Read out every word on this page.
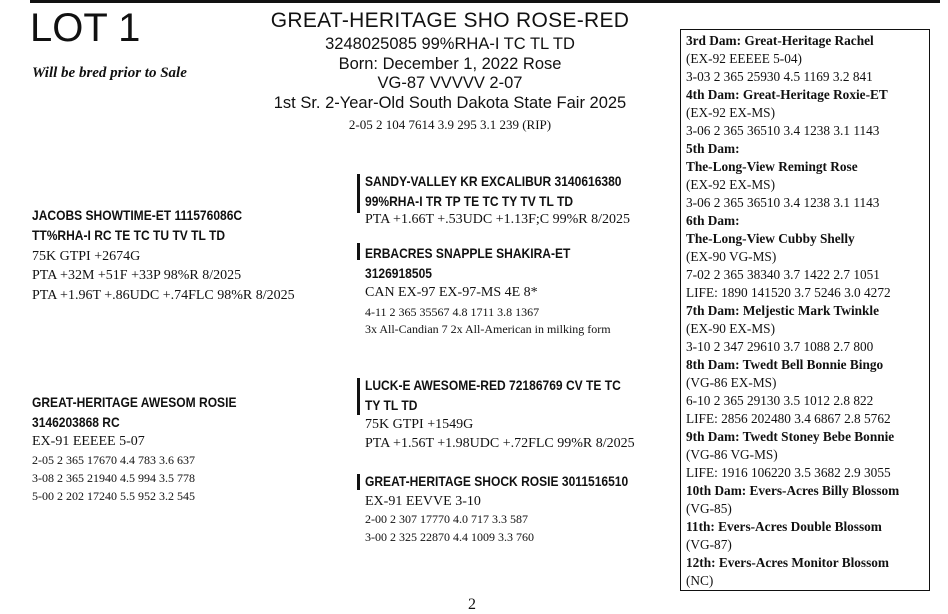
LOT 1
Will be bred prior to Sale
GREAT-HERITAGE SHO ROSE-RED
3248025085 99%RHA-I TC TL TD
Born: December 1, 2022 Rose
VG-87 VVVVV 2-07
1st Sr. 2-Year-Old South Dakota State Fair 2025
2-05 2 104 7614 3.9 295 3.1 239 (RIP)
JACOBS SHOWTIME-ET 111576086C
TT%RHA-I RC TE TC TU TV TL TD
75K GTPI +2674G
PTA +32M +51F +33P 98%R 8/2025
PTA +1.96T +.86UDC +.74FLC 98%R 8/2025
SANDY-VALLEY KR EXCALIBUR 3140616380
99%RHA-I TR TP TE TC TY TV TL TD
PTA +1.66T +.53UDC +1.13F;C 99%R 8/2025
ERBACRES SNAPPLE SHAKIRA-ET
3126918505
CAN EX-97 EX-97-MS 4E 8*
4-11 2 365 35567 4.8 1711 3.8 1367
3x All-Candian 7 2x All-American in milking form
GREAT-HERITAGE AWESOM ROSIE
3146203868 RC
EX-91 EEEEE 5-07
2-05 2 365 17670 4.4 783 3.6 637
3-08 2 365 21940 4.5 994 3.5 778
5-00 2 202 17240 5.5 952 3.2 545
LUCK-E AWESOME-RED 72186769 CV TE TC
TY TL TD
75K GTPI +1549G
PTA +1.56T +1.98UDC +.72FLC 99%R 8/2025
GREAT-HERITAGE SHOCK ROSIE 3011516510
EX-91 EEVVE 3-10
2-00 2 307 17770 4.0 717 3.3 587
3-00 2 325 22870 4.4 1009 3.3 760
3rd Dam: Great-Heritage Rachel
(EX-92 EEEEE 5-04)
3-03 2 365 25930 4.5 1169 3.2 841
4th Dam: Great-Heritage Roxie-ET
(EX-92 EX-MS)
3-06 2 365 36510 3.4 1238 3.1 1143
5th Dam:
The-Long-View Remingt Rose
(EX-92 EX-MS)
3-06 2 365 36510 3.4 1238 3.1 1143
6th Dam:
The-Long-View Cubby Shelly
(EX-90 VG-MS)
7-02 2 365 38340 3.7 1422 2.7 1051
LIFE: 1890 141520 3.7 5246 3.0 4272
7th Dam: Meljestic Mark Twinkle
(EX-90 EX-MS)
3-10 2 347 29610 3.7 1088 2.7 800
8th Dam: Twedt Bell Bonnie Bingo
(VG-86 EX-MS)
6-10 2 365 29130 3.5 1012 2.8 822
LIFE: 2856 202480 3.4 6867 2.8 5762
9th Dam: Twedt Stoney Bebe Bonnie
(VG-86 VG-MS)
LIFE: 1916 106220 3.5 3682 2.9 3055
10th Dam: Evers-Acres Billy Blossom
(VG-85)
11th: Evers-Acres Double Blossom
(VG-87)
12th: Evers-Acres Monitor Blossom
(NC)
2
